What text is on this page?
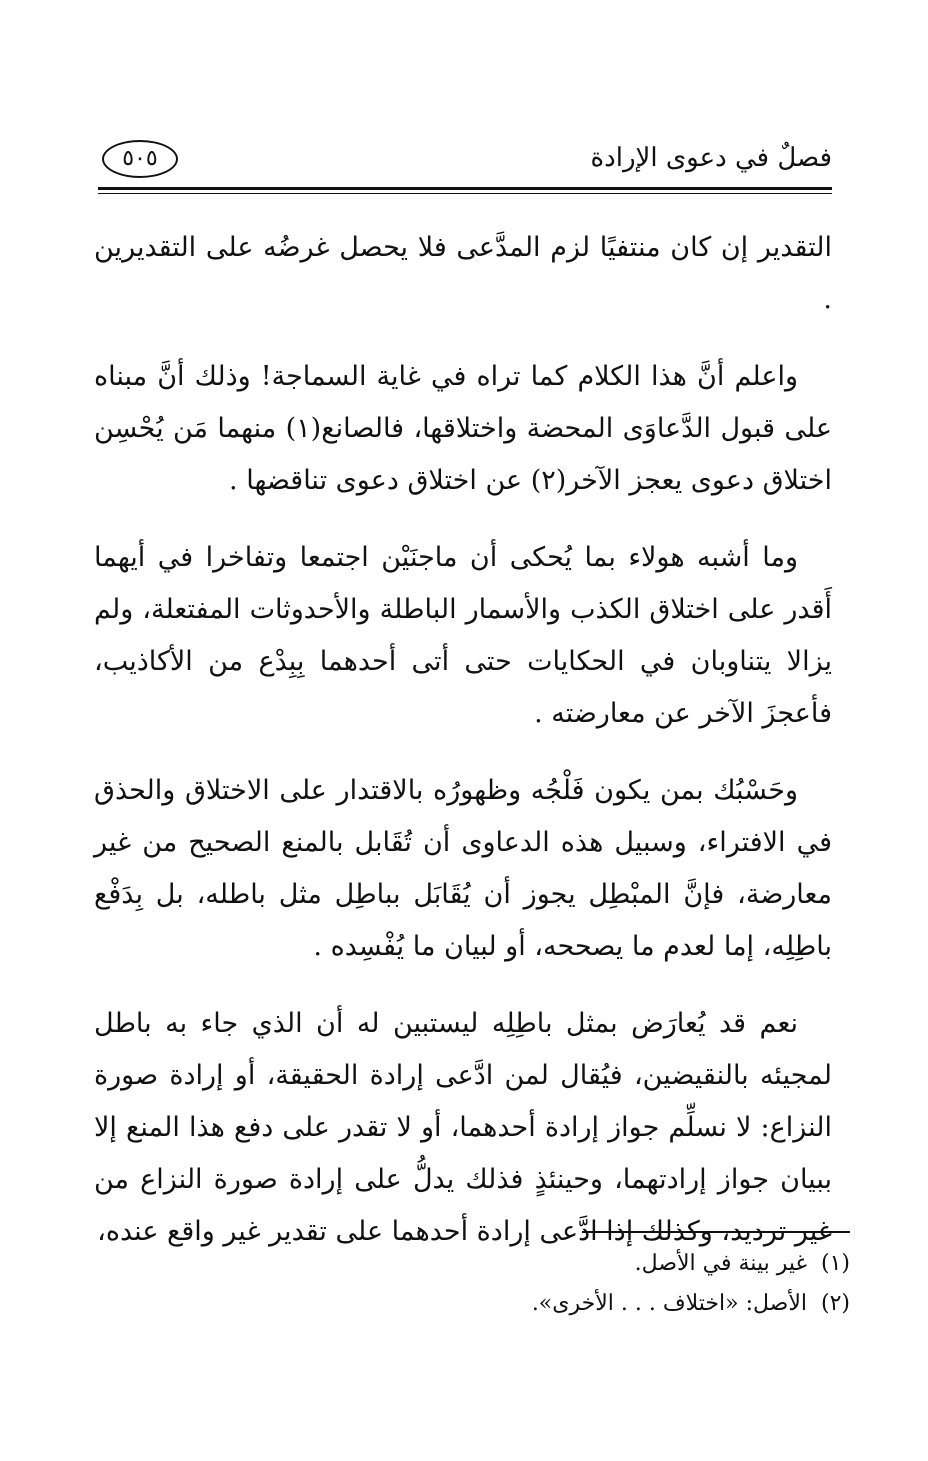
فصلٌ في دعوى الإرادة
٥٠٥

التقدير إن كان منتفيًا لزم المدَّعى فلا يحصل غرضُه على التقديرين .

واعلم أنَّ هذا الكلام كما تراه في غاية السماجة! وذلك أنَّ مبناه على قبول الدَّعاوَى المحضة واختلاقها، فالصانع(١) منهما مَن يُحْسِن اختلاق دعوى يعجز الآخر(٢) عن اختلاق دعوى تناقضها .

وما أشبه هولاء بما يُحكى أن ماجنَيْن اجتمعا وتفاخرا في أيهما أَقدر على اختلاق الكذب والأسمار الباطلة والأحدوثات المفتعلة، ولم يزالا يتناوبان في الحكايات حتى أتى أحدهما بِبِدْع من الأكاذيب، فأعجزَ الآخر عن معارضته .

وحَسْبُك بمن يكون فَلْجُه وظهورُه بالاقتدار على الاختلاق والحذق في الافتراء، وسبيل هذه الدعاوى أن تُقَابل بالمنع الصحيح من غير معارضة، فإنَّ المبْطِل يجوز أن يُقَابَل بباطِل مثل باطله، بل بِدَفْع باطِلِه، إما لعدم ما يصححه، أو لبيان ما يُفْسِده .

نعم قد يُعارَض بمثل باطِلِه ليستبين له أن الذي جاء به باطل لمجيئه بالنقيضين، فيُقال لمن ادَّعى إرادة الحقيقة، أو إرادة صورة النزاع: لا نسلِّم جواز إرادة أحدهما، أو لا تقدر على دفع هذا المنع إلا ببيان جواز إرادتهما، وحينئذٍ فذلك يدلُّ على إرادة صورة النزاع من غير ترديد، وكذلك إذا ادَّعى إرادة أحدهما على تقدير غير واقع عنده،

(١)غير بينة في الأصل.
(٢)الأصل: «اختلاف . . . الأخرى».
